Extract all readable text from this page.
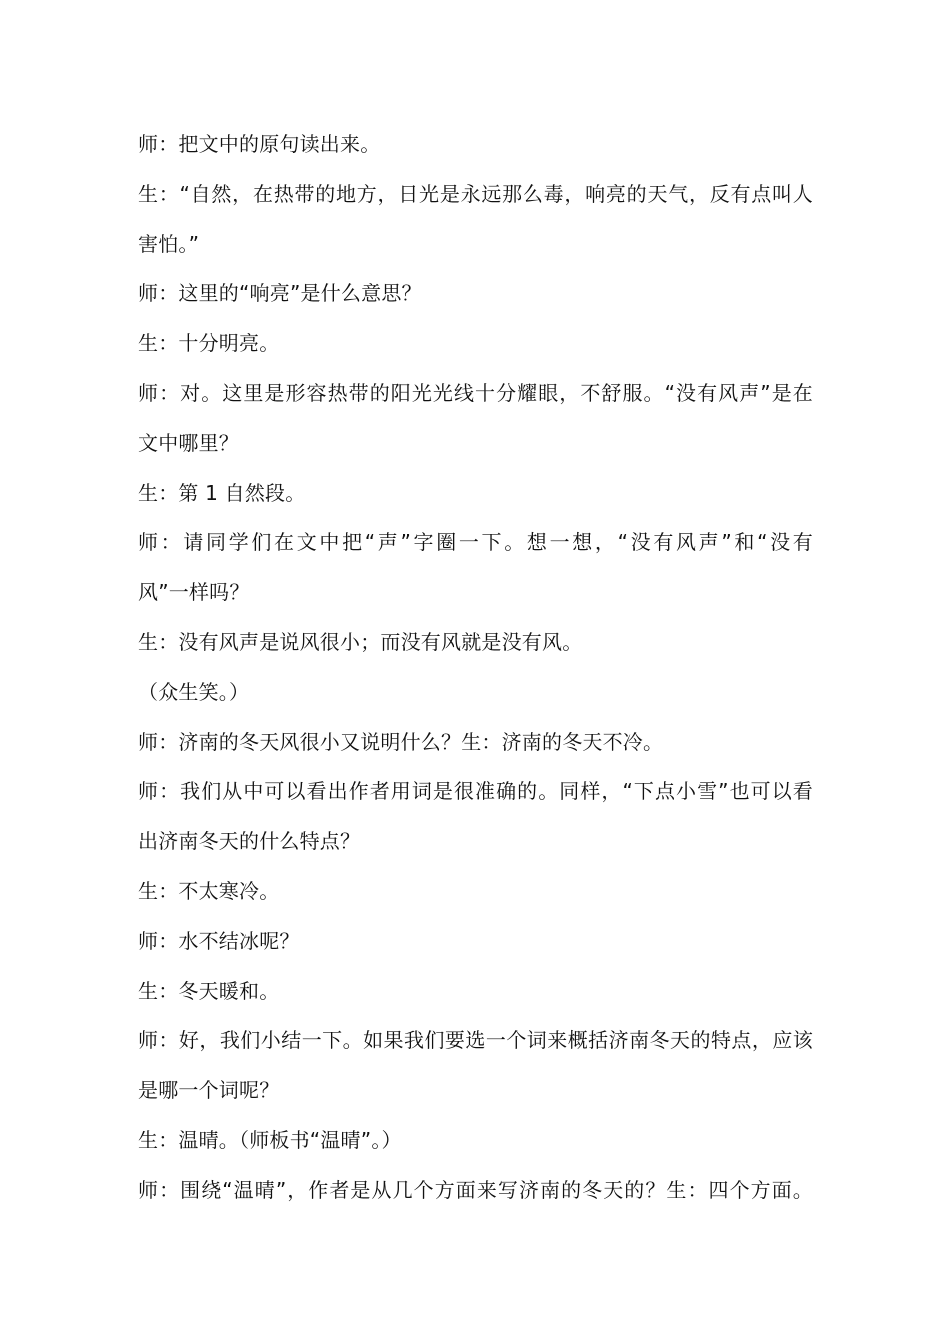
师：把文中的原句读出来。
生：“自然，在热带的地方，日光是永远那么毒，响亮的天气，反有点叫人
害怕。”
师：这里的“响亮”是什么意思？
生：十分明亮。
师：对。这里是形容热带的阳光光线十分耀眼，不舒服。“没有风声”是在
文中哪里？
生：第 1 自然段。
师：请同学们在文中把“声”字圈一下。想一想，“没有风声”和“没有
风”一样吗？
生：没有风声是说风很小；而没有风就是没有风。
（众生笑。）
师：济南的冬天风很小又说明什么？生：济南的冬天不冷。
师：我们从中可以看出作者用词是很准确的。同样，“下点小雪”也可以看
出济南冬天的什么特点？
生：不太寒冷。
师：水不结冰呢？
生：冬天暖和。
师：好，我们小结一下。如果我们要选一个词来概括济南冬天的特点，应该
是哪一个词呢？
生：温晴。（师板书“温晴”。）
师：围绕“温晴”，作者是从几个方面来写济南的冬天的？生：四个方面。
